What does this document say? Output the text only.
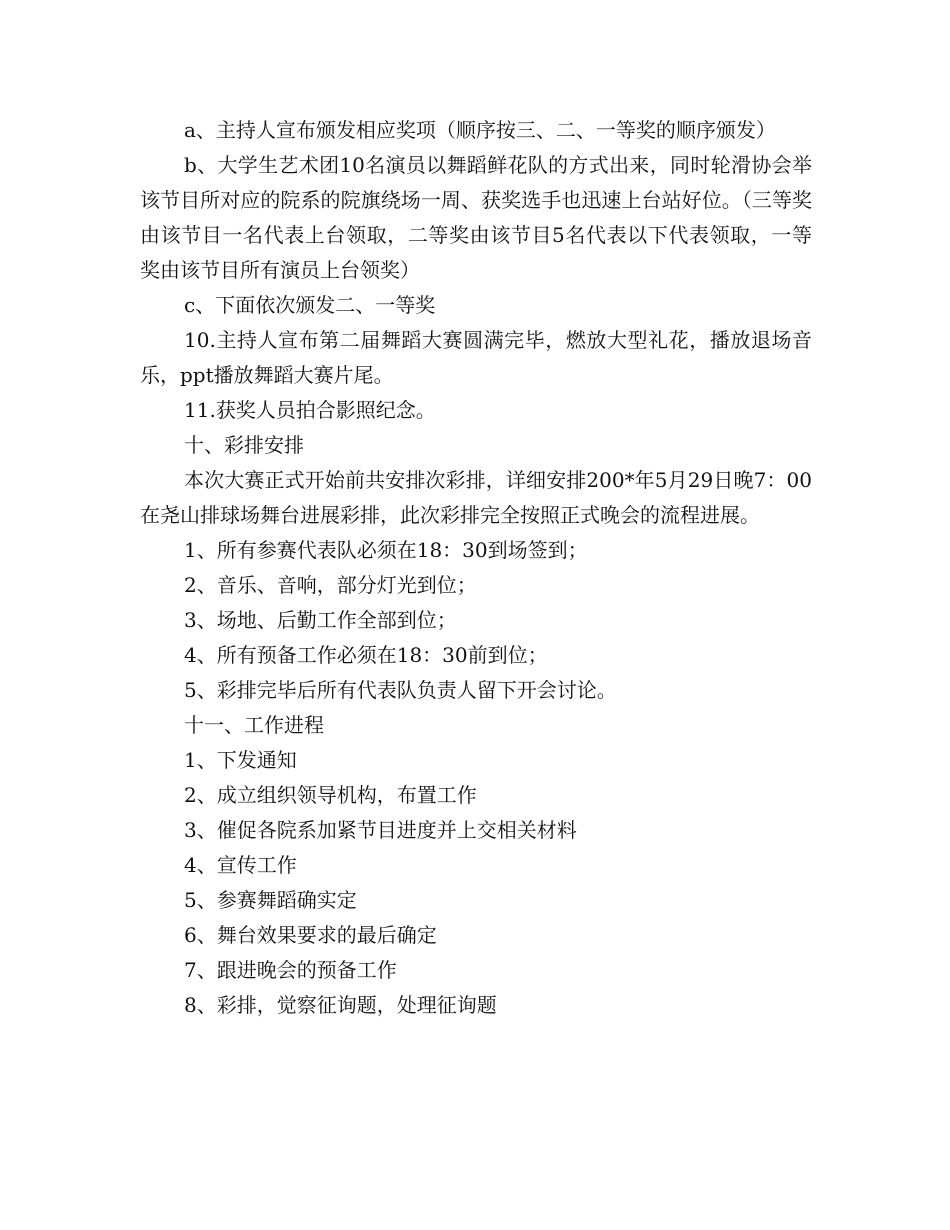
a、主持人宣布颁发相应奖项（顺序按三、二、一等奖的顺序颁发）

b、大学生艺术团10名演员以舞蹈鲜花队的方式出来，同时轮滑协会举该节目所对应的院系的院旗绕场一周、获奖选手也迅速上台站好位。（三等奖由该节目一名代表上台领取，二等奖由该节目5名代表以下代表领取，一等奖由该节目所有演员上台领奖）

c、下面依次颁发二、一等奖

10.主持人宣布第二届舞蹈大赛圆满完毕，燃放大型礼花，播放退场音乐，ppt播放舞蹈大赛片尾。

11.获奖人员拍合影照纪念。

十、彩排安排

本次大赛正式开始前共安排次彩排，详细安排200*年5月29日晚7：00在尧山排球场舞台进展彩排，此次彩排完全按照正式晚会的流程进展。

1、所有参赛代表队必须在18：30到场签到；

2、音乐、音响，部分灯光到位；

3、场地、后勤工作全部到位；

4、所有预备工作必须在18：30前到位；

5、彩排完毕后所有代表队负责人留下开会讨论。

十一、工作进程

1、下发通知

2、成立组织领导机构，布置工作

3、催促各院系加紧节目进度并上交相关材料

4、宣传工作

5、参赛舞蹈确实定

6、舞台效果要求的最后确定

7、跟进晚会的预备工作

8、彩排，觉察征询题，处理征询题
